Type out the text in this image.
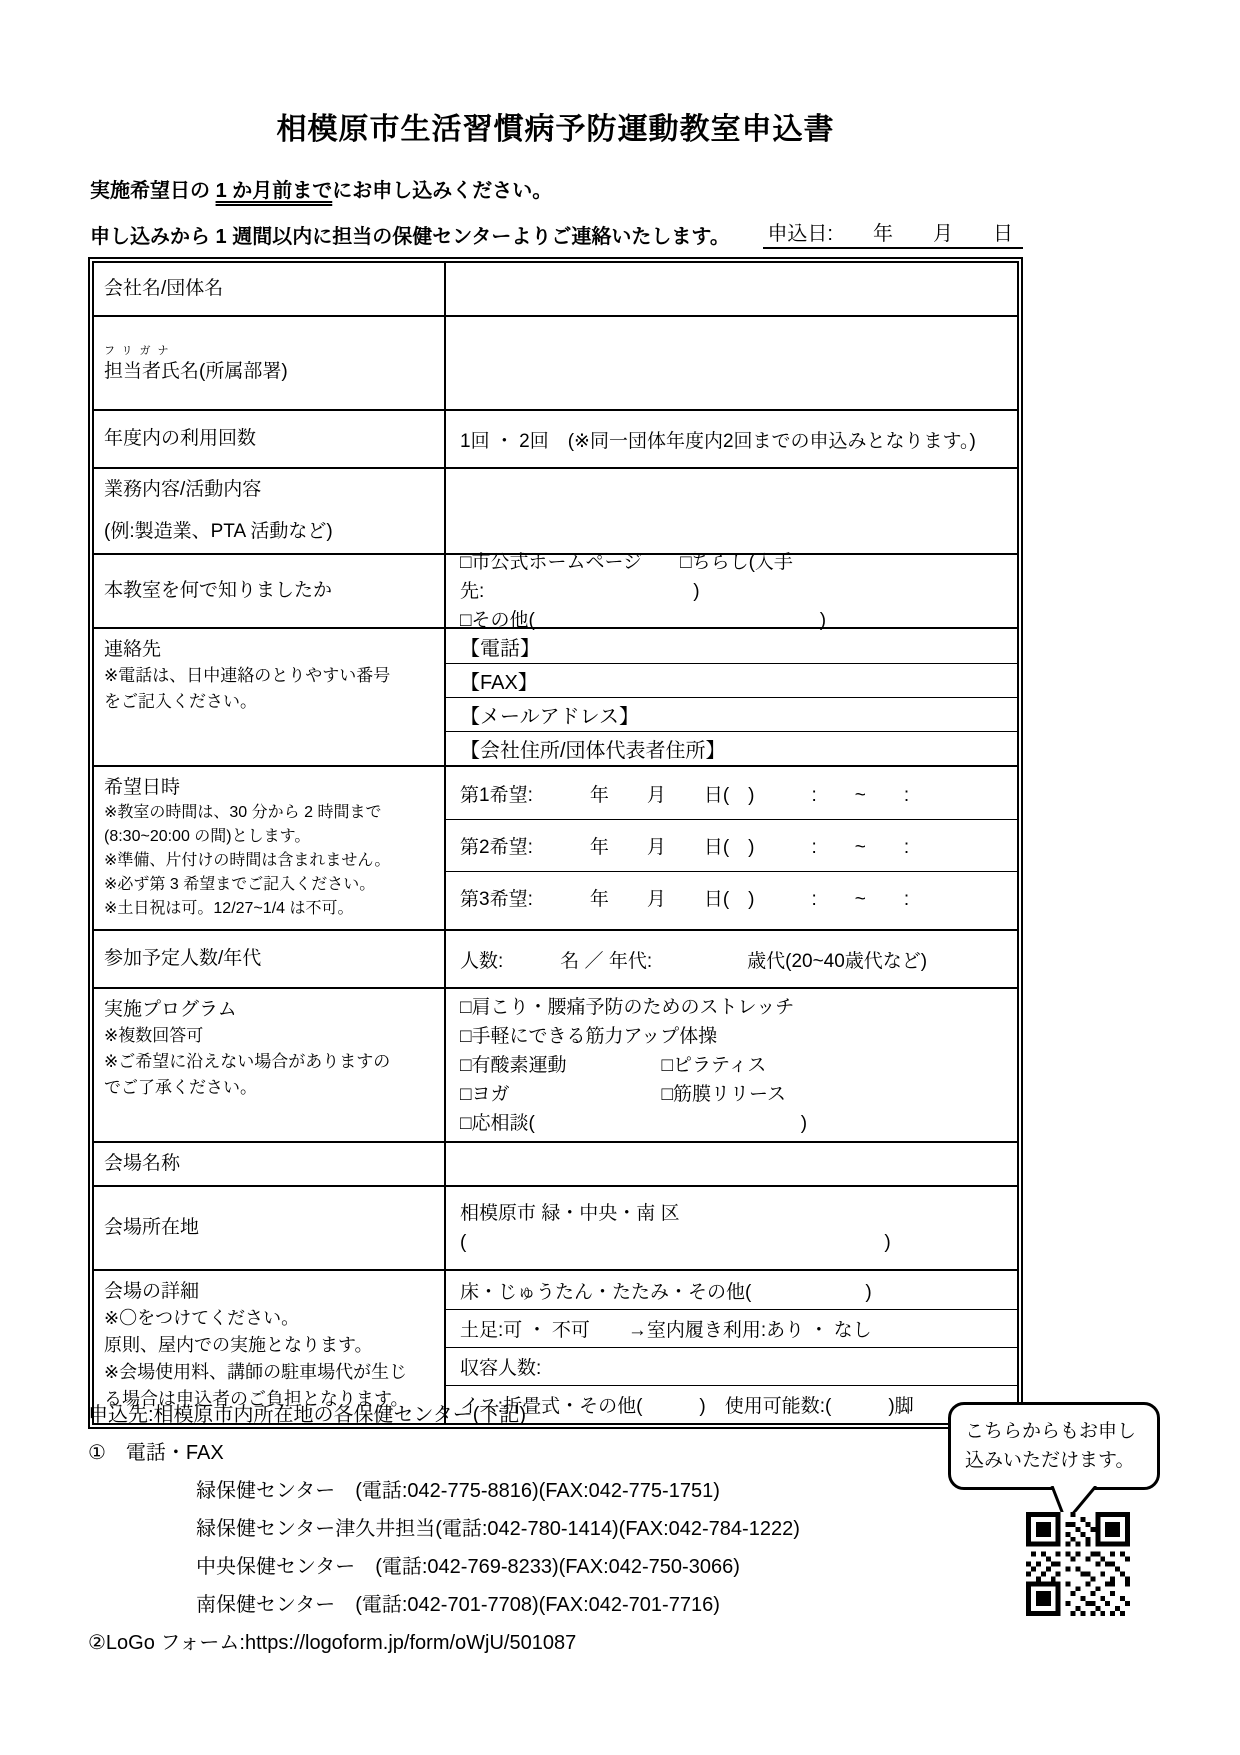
相模原市生活習慣病予防運動教室申込書

実施希望日の 1 か月前までにお申し込みください。

申し込みから 1 週間以内に担当の保健センターよりご連絡いたします。 申込日:　　年　　月　　日
会社名/団体名
フリガナ
担当者氏名(所属部署)
年度内の利用回数	1回 ・ 2回　(※同一団体年度内2回までの申込みとなります。)
業務内容/活動内容
(例:製造業、PTA 活動など)
本教室を何で知りましたか
□市公式ホームページ　　□ちらし(入手先:　　　　　　　　　　　)
□その他(　　　　　　　　　　　　　　　)
連絡先
※電話は、日中連絡のとりやすい番号
をご記入ください。
【電話】
【FAX】
【メールアドレス】
【会社住所/団体代表者住所】
希望日時
※教室の時間は、30 分から 2 時間まで
(8:30~20:00 の間)とします。
※準備、片付けの時間は含まれません。
※必ず第 3 希望までご記入ください。
※土日祝は可。12/27~1/4 は不可。
第1希望:　　　年　　月　　日(　)　　　:　　~　　:
第2希望:　　　年　　月　　日(　)　　　:　　~　　:
第3希望:　　　年　　月　　日(　)　　　:　　~　　:
参加予定人数/年代	人数:　　　名 ／ 年代:　　　　　歳代(20~40歳代など)
実施プログラム
※複数回答可
※ご希望に沿えない場合がありますの
でご了承ください。
□肩こり・腰痛予防のためのストレッチ
□手軽にできる筋力アップ体操
□有酸素運動　　　　　□ピラティス
□ヨガ　　　　　　　　□筋膜リリース
□応相談(　　　　　　　　　　　　　　)
会場名称
会場所在地
相模原市 緑・中央・南 区
(　　　　　　　　　　　　　　　　　　　　　　)
会場の詳細
※〇をつけてください。
原則、屋内での実施となります。
※会場使用料、講師の駐車場代が生じ
る場合は申込者のご負担となります。
床・じゅうたん・たたみ・その他(　　　　　　)
土足:可 ・ 不可　　→室内履き利用:あり ・ なし
収容人数:
イス:折畳式・その他(　　　)　使用可能数:(　　　)脚
申込先:相模原市内所在地の各保健センター(下記)
①　電話・FAX
緑保健センター　(電話:042-775-8816)(FAX:042-775-1751)
緑保健センター津久井担当(電話:042-780-1414)(FAX:042-784-1222)
中央保健センター　(電話:042-769-8233)(FAX:042-750-3066)
南保健センター　(電話:042-701-7708)(FAX:042-701-7716)
②LoGo フォーム:https://logoform.jp/form/oWjU/501087
こちらからもお申し
込みいただけます。
